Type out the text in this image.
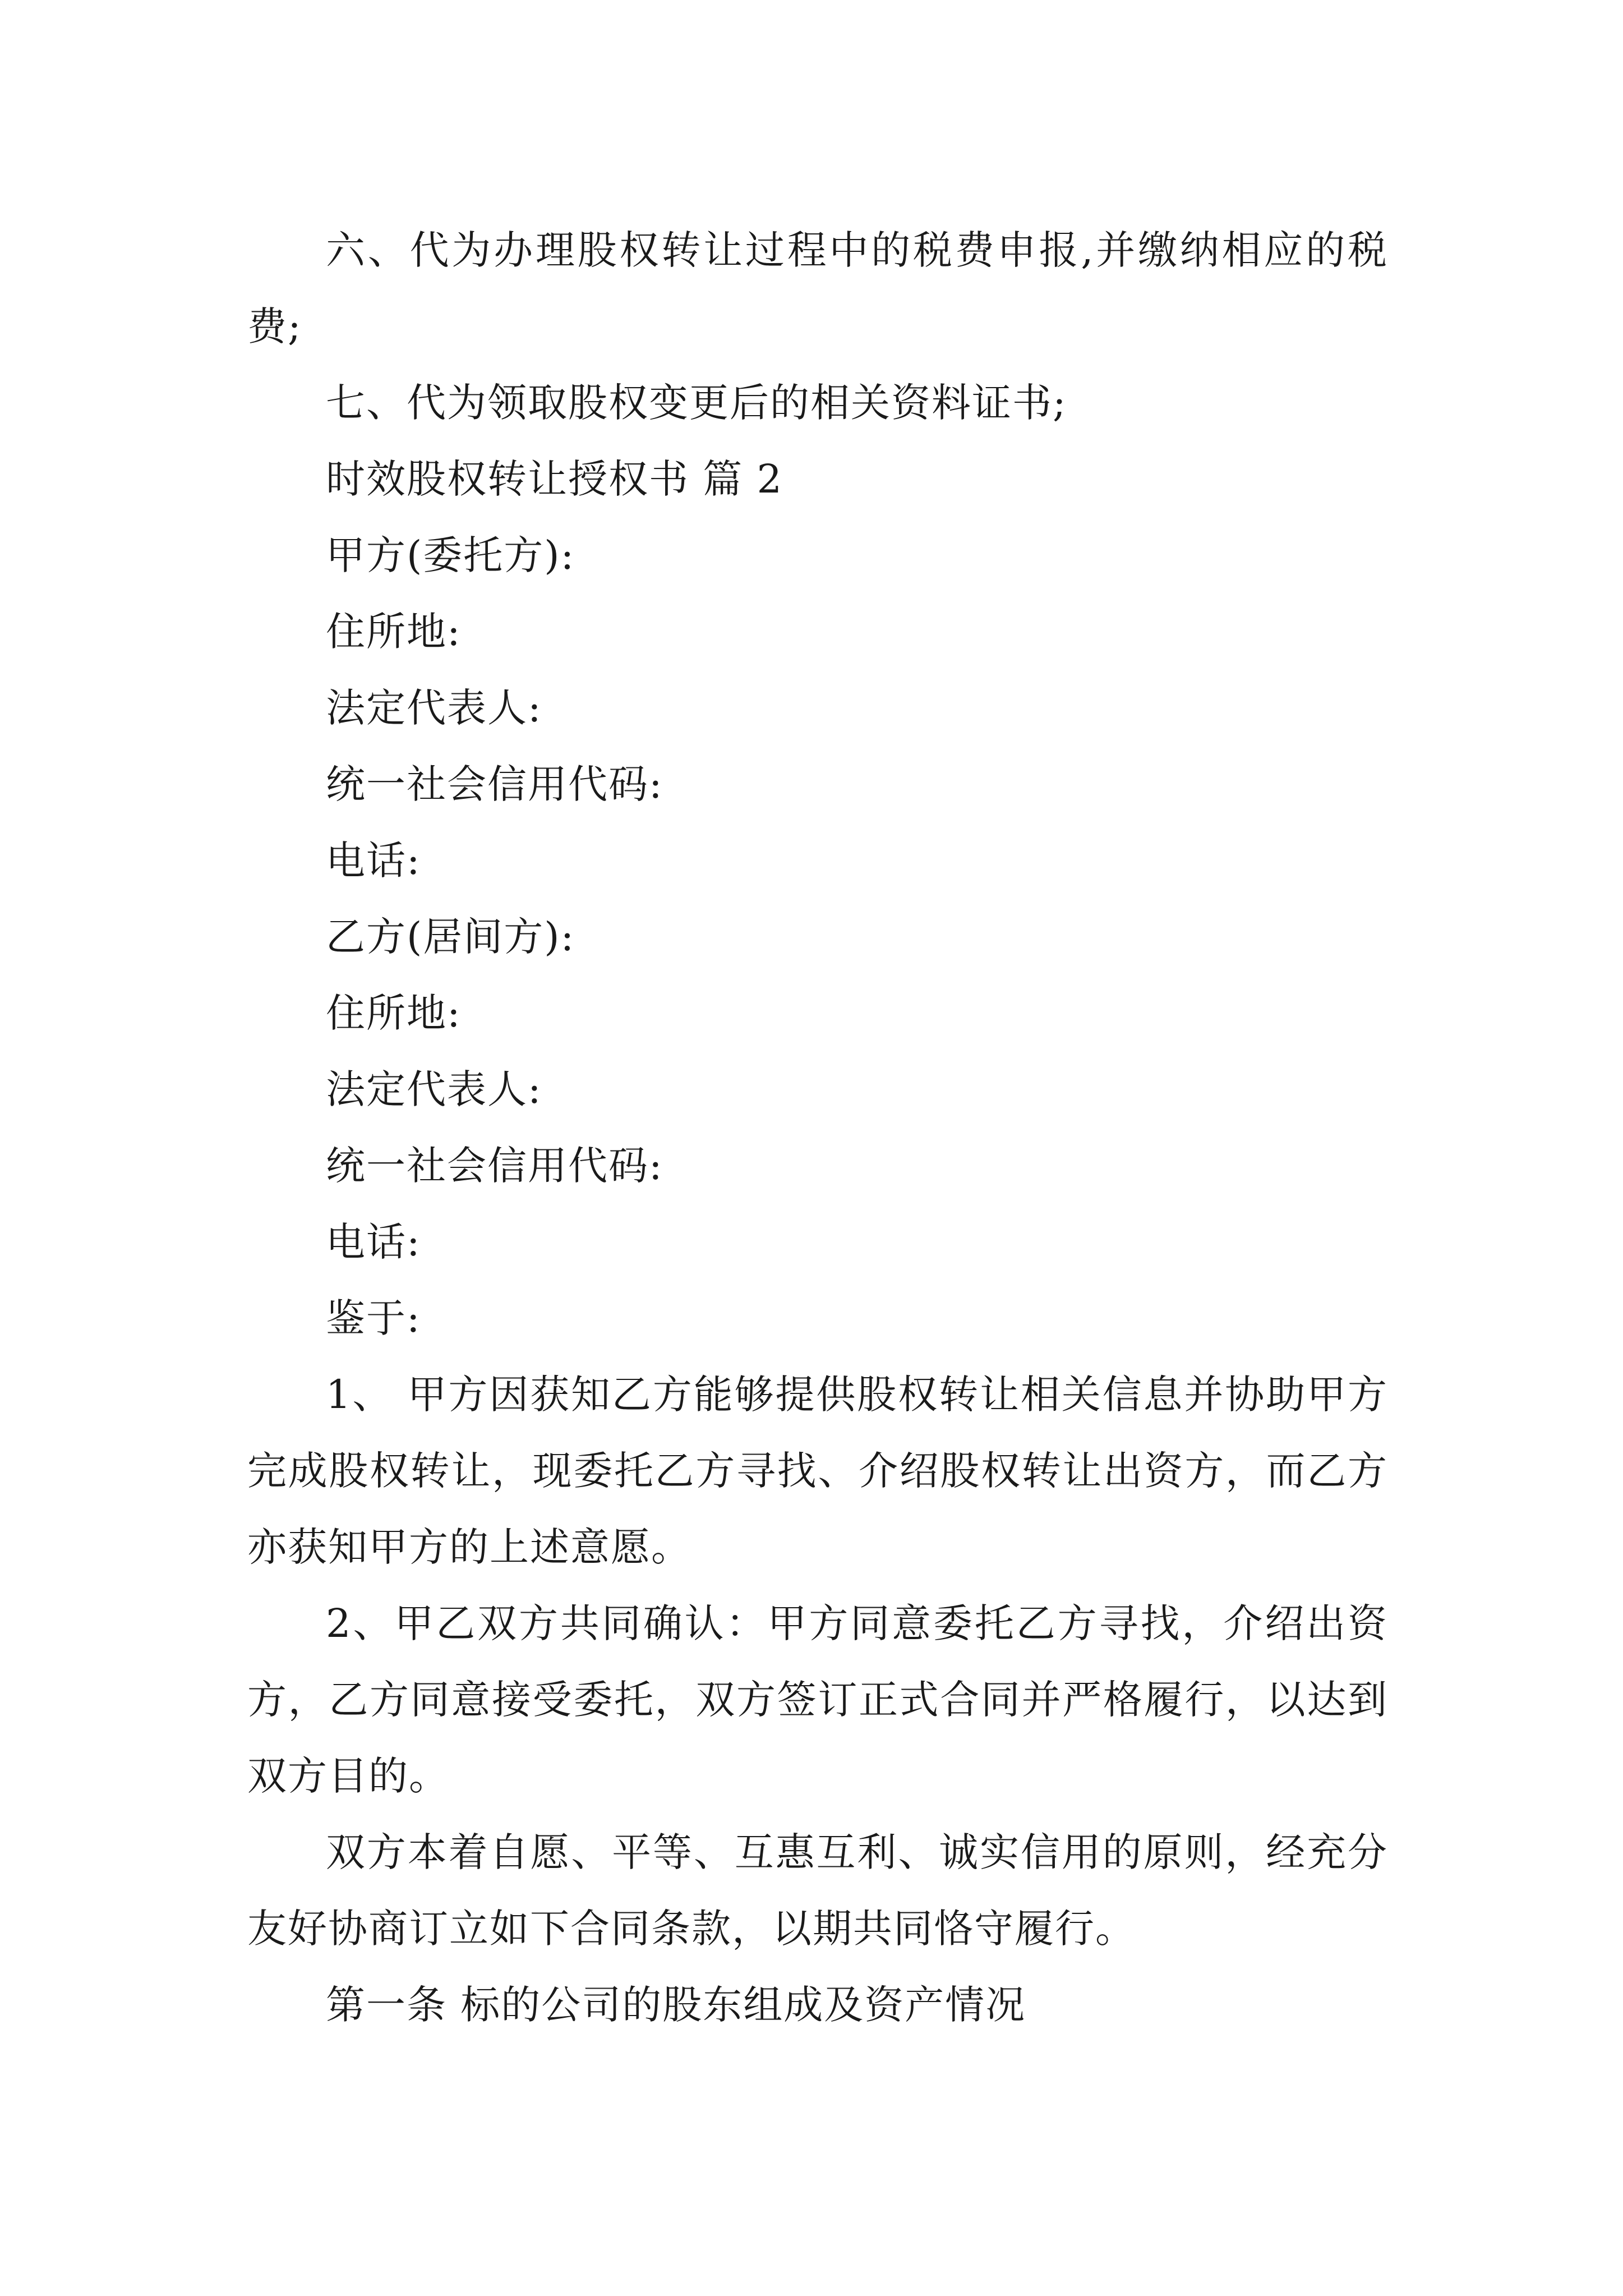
六、代为办理股权转让过程中的税费申报,并缴纳相应的税费;

七、代为领取股权变更后的相关资料证书;

时效股权转让授权书 篇 2

甲方(委托方):

住所地:

法定代表人:

统一社会信用代码:

电话:

乙方(居间方):

住所地:

法定代表人:

统一社会信用代码:

电话:

鉴于:

1、 甲方因获知乙方能够提供股权转让相关信息并协助甲方完成股权转让，现委托乙方寻找、介绍股权转让出资方，而乙方亦获知甲方的上述意愿。

2、甲乙双方共同确认：甲方同意委托乙方寻找，介绍出资方，乙方同意接受委托，双方签订正式合同并严格履行，以达到双方目的。

双方本着自愿、平等、互惠互利、诚实信用的原则，经充分友好协商订立如下合同条款，以期共同恪守履行。

第一条 标的公司的股东组成及资产情况
